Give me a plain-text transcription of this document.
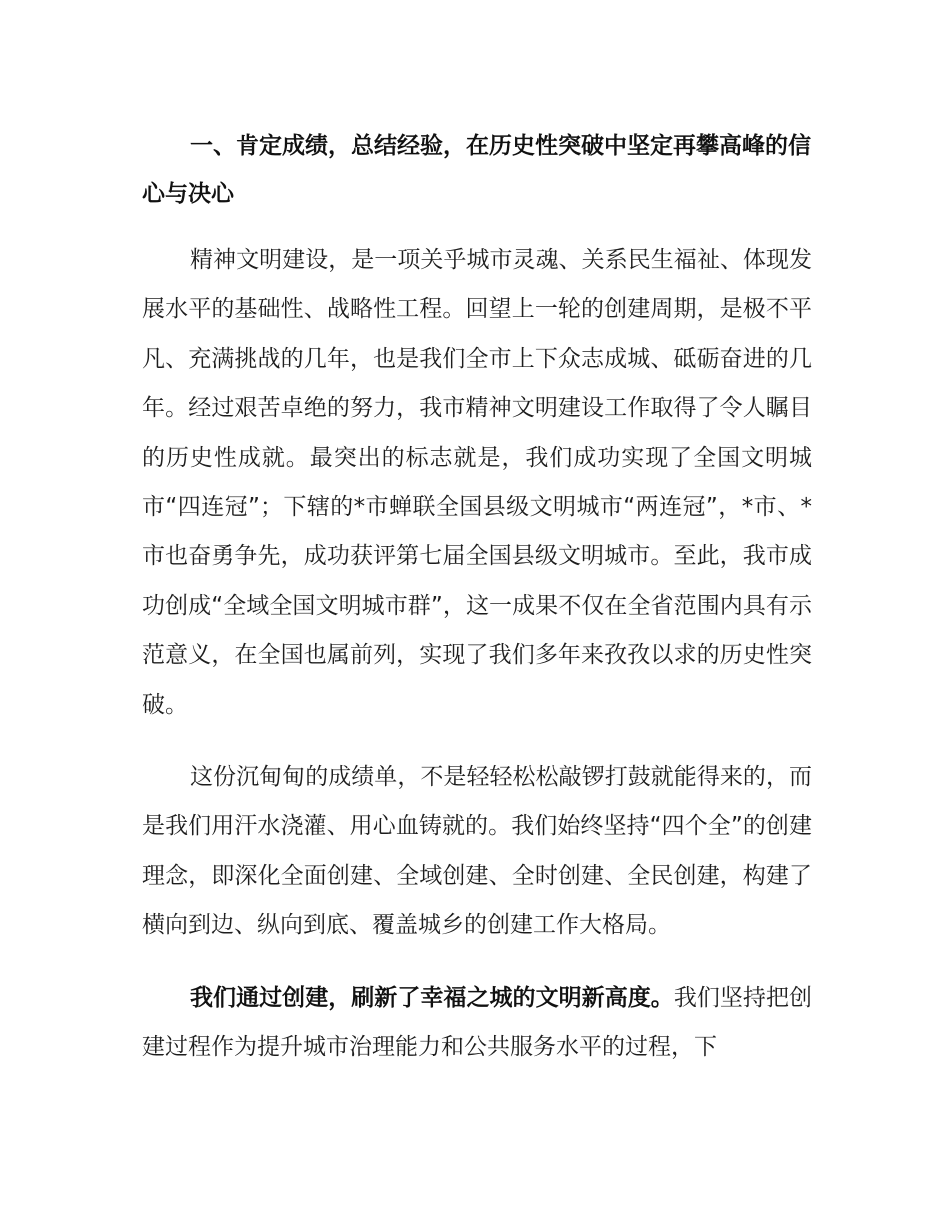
一、肯定成绩，总结经验，在历史性突破中坚定再攀高峰的信心与决心

精神文明建设，是一项关乎城市灵魂、关系民生福祉、体现发展水平的基础性、战略性工程。回望上一轮的创建周期，是极不平凡、充满挑战的几年，也是我们全市上下众志成城、砥砺奋进的几年。经过艰苦卓绝的努力，我市精神文明建设工作取得了令人瞩目的历史性成就。最突出的标志就是，我们成功实现了全国文明城市“四连冠”；下辖的*市蝉联全国县级文明城市“两连冠”，*市、*市也奋勇争先，成功获评第七届全国县级文明城市。至此，我市成功创成“全域全国文明城市群”，这一成果不仅在全省范围内具有示范意义，在全国也属前列，实现了我们多年来孜孜以求的历史性突破。

这份沉甸甸的成绩单，不是轻轻松松敲锣打鼓就能得来的，而是我们用汗水浇灌、用心血铸就的。我们始终坚持“四个全”的创建理念，即深化全面创建、全域创建、全时创建、全民创建，构建了横向到边、纵向到底、覆盖城乡的创建工作大格局。

我们通过创建，刷新了幸福之城的文明新高度。我们坚持把创建过程作为提升城市治理能力和公共服务水平的过程，下
